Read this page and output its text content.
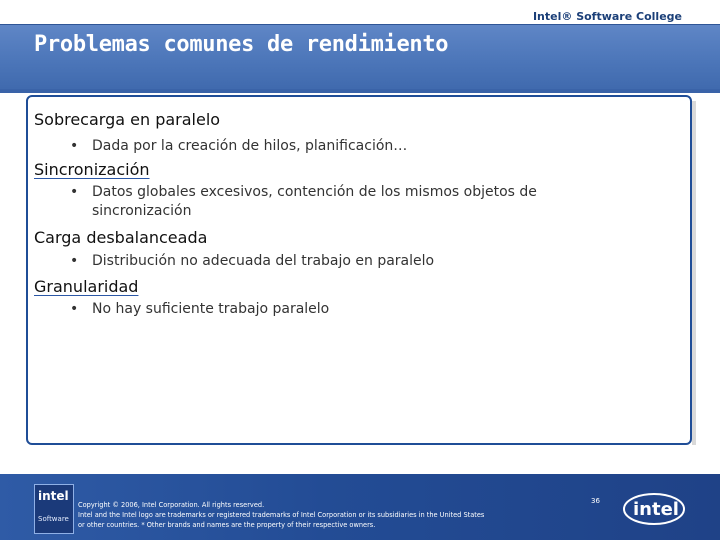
Intel® Software College
Problemas comunes de rendimiento
Sobrecarga en paralelo
• Dada por la creación de hilos, planificación…
Sincronización
• Datos globales excesivos, contención de los mismos objetos de sincronización
Carga desbalanceada
• Distribución no adecuada del trabajo en paralelo
Granularidad
• No hay suficiente trabajo paralelo
intel
Software
Copyright © 2006, Intel Corporation. All rights reserved.
Intel and the Intel logo are trademarks or registered trademarks of Intel Corporation or its subsidiaries in the United States
or other countries. * Other brands and names are the property of their respective owners.
36 intel
